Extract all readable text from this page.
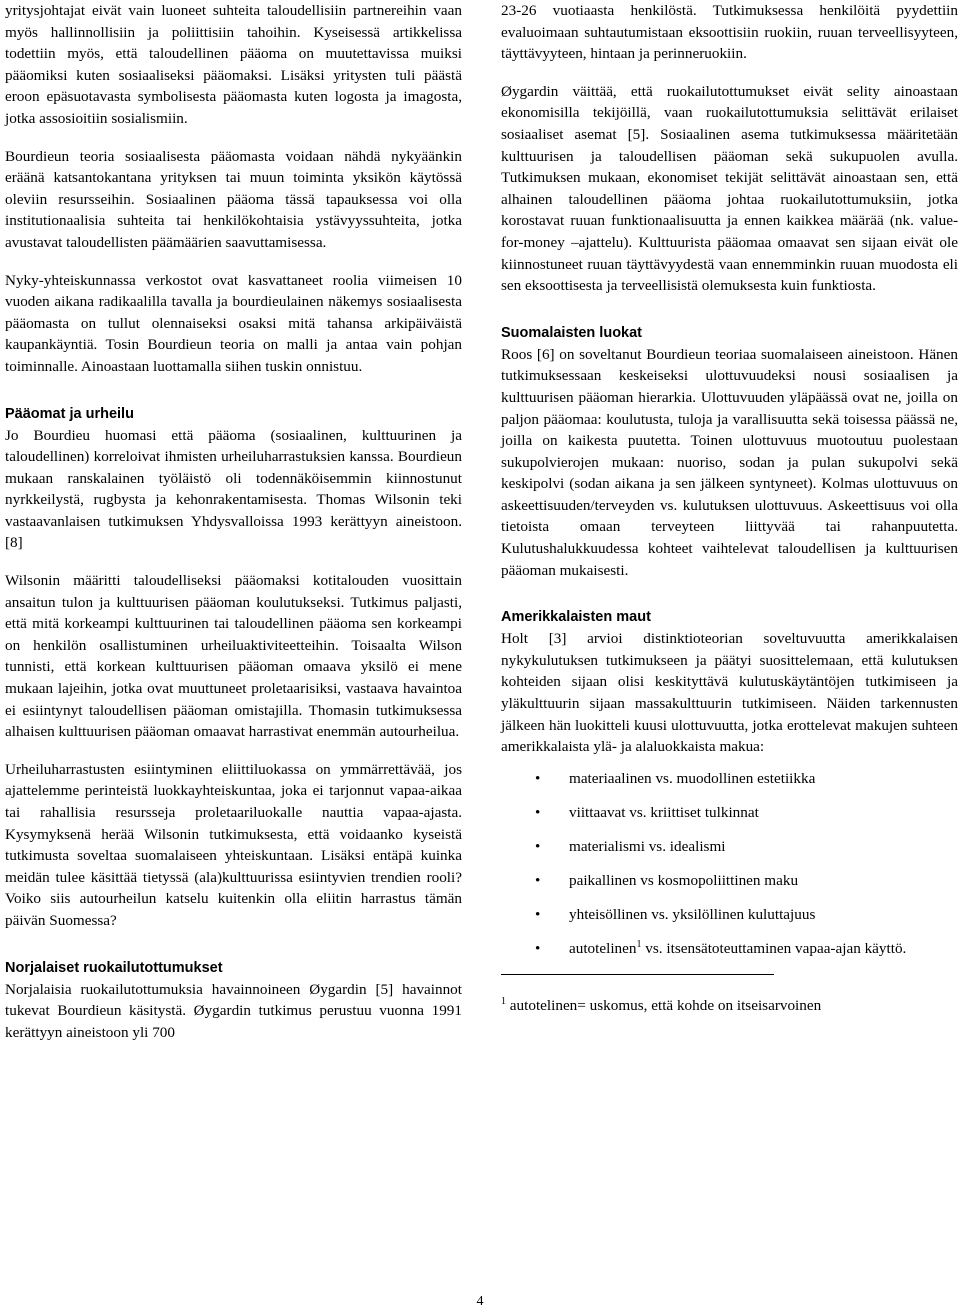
yritysjohtajat eivät vain luoneet suhteita taloudellisiin partnereihin vaan myös hallinnollisiin ja poliittisiin tahoihin. Kyseisessä artikkelissa todettiin myös, että taloudellinen pääoma on muutettavissa muiksi pääomiksi kuten sosiaaliseksi pääomaksi. Lisäksi yritysten tuli päästä eroon epäsuotavasta symbolisesta pääomasta kuten logosta ja imagosta, jotka assosioitiin sosialismiin.

Bourdieun teoria sosiaalisesta pääomasta voidaan nähdä nykyäänkin eräänä katsantokantana yrityksen tai muun toiminta yksikön käytössä oleviin resursseihin. Sosiaalinen pääoma tässä tapauksessa voi olla institutionaalisia suhteita tai henkilökohtaisia ystävyyssuhteita, jotka avustavat taloudellisten päämäärien saavuttamisessa.

Nyky-yhteiskunnassa verkostot ovat kasvattaneet roolia viimeisen 10 vuoden aikana radikaalilla tavalla ja bourdieulainen näkemys sosiaalisesta pääomasta on tullut olennaiseksi osaksi mitä tahansa arkipäiväistä kaupankäyntiä. Tosin Bourdieun teoria on malli ja antaa vain pohjan toiminnalle. Ainoastaan luottamalla siihen tuskin onnistuu.

Pääomat ja urheilu

Jo Bourdieu huomasi että pääoma (sosiaalinen, kulttuurinen ja taloudellinen) korreloivat ihmisten urheiluharrastuksien kanssa. Bourdieun mukaan ranskalainen työläistö oli todennäköisemmin kiinnostunut nyrkkeilystä, rugbysta ja kehonrakentamisesta. Thomas Wilsonin teki vastaavanlaisen tutkimuksen Yhdysvalloissa 1993 kerättyyn aineistoon. [8]

Wilsonin määritti taloudelliseksi pääomaksi kotitalouden vuosittain ansaitun tulon ja kulttuurisen pääoman koulutukseksi. Tutkimus paljasti, että mitä korkeampi kulttuurinen tai taloudellinen pääoma sen korkeampi on henkilön osallistuminen urheiluaktiviteetteihin. Toisaalta Wilson tunnisti, että korkean kulttuurisen pääoman omaava yksilö ei mene mukaan lajeihin, jotka ovat muuttuneet proletaarisiksi, vastaava havaintoa ei esiintynyt taloudellisen pääoman omistajilla. Thomasin tutkimuksessa alhaisen kulttuurisen pääoman omaavat harrastivat enemmän autourheilua.

Urheiluharrastusten esiintyminen eliittiluokassa on ymmärrettävää, jos ajattelemme perinteistä luokkayhteiskuntaa, joka ei tarjonnut vapaa-aikaa tai rahallisia resursseja proletaariluokalle nauttia vapaa-ajasta. Kysymyksenä herää Wilsonin tutkimuksesta, että voidaanko kyseistä tutkimusta soveltaa suomalaiseen yhteiskuntaan. Lisäksi entäpä kuinka meidän tulee käsittää tietyssä (ala)kulttuurissa esiintyvien trendien rooli? Voiko siis autourheilun katselu kuitenkin olla eliitin harrastus tämän päivän Suomessa?

Norjalaiset ruokailutottumukset

Norjalaisia ruokailutottumuksia havainnoineen Øygardin [5] havainnot tukevat Bourdieun käsitystä. Øygardin tutkimus perustuu vuonna 1991 kerättyyn aineistoon yli 700

23-26 vuotiaasta henkilöstä. Tutkimuksessa henkilöitä pyydettiin evaluoimaan suhtautumistaan eksoottisiin ruokiin, ruuan terveellisyyteen, täyttävyyteen, hintaan ja perinneruokiin.

Øygardin väittää, että ruokailutottumukset eivät selity ainoastaan ekonomisilla tekijöillä, vaan ruokailutottumuksia selittävät erilaiset sosiaaliset asemat [5]. Sosiaalinen asema tutkimuksessa määritetään kulttuurisen ja taloudellisen pääoman sekä sukupuolen avulla. Tutkimuksen mukaan, ekonomiset tekijät selittävät ainoastaan sen, että alhainen taloudellinen pääoma johtaa ruokailutottumuksiin, jotka korostavat ruuan funktionaalisuutta ja ennen kaikkea määrää (nk. value-for-money –ajattelu). Kulttuurista pääomaa omaavat sen sijaan eivät ole kiinnostuneet ruuan täyttävyydestä vaan ennemminkin ruuan muodosta eli sen eksoottisesta ja terveellisistä olemuksesta kuin funktiosta.

Suomalaisten luokat

Roos [6] on soveltanut Bourdieun teoriaa suomalaiseen aineistoon. Hänen tutkimuksessaan keskeiseksi ulottuvuudeksi nousi sosiaalisen ja kulttuurisen pääoman hierarkia. Ulottuvuuden yläpäässä ovat ne, joilla on paljon pääomaa: koulutusta, tuloja ja varallisuutta sekä toisessa päässä ne, joilla on kaikesta puutetta. Toinen ulottuvuus muotoutuu puolestaan sukupolvierojen mukaan: nuoriso, sodan ja pulan sukupolvi sekä keskipolvi (sodan aikana ja sen jälkeen syntyneet). Kolmas ulottuvuus on askeettisuuden/terveyden vs. kulutuksen ulottuvuus. Askeettisuus voi olla tietoista omaan terveyteen liittyvää tai rahanpuutetta. Kulutushalukkuudessa kohteet vaihtelevat taloudellisen ja kulttuurisen pääoman mukaisesti.

Amerikkalaisten maut

Holt [3] arvioi distinktioteorian soveltuvuutta amerikkalaisen nykykulutuksen tutkimukseen ja päätyi suosittelemaan, että kulutuksen kohteiden sijaan olisi keskityttävä kulutuskäytäntöjen tutkimiseen ja yläkulttuurin sijaan massakulttuurin tutkimiseen. Näiden tarkennusten jälkeen hän luokitteli kuusi ulottuvuutta, jotka erottelevat makujen suhteen amerikkalaista ylä- ja alaluokkaista makua:

• materiaalinen vs. muodollinen estetiikka
• viittaavat vs. kriittiset tulkinnat
• materialismi vs. idealismi
• paikallinen vs kosmopoliittinen maku
• yhteisöllinen vs. yksilöllinen kuluttajuus
• autotelinen$^1$ vs. itsensätoteuttaminen vapaa-ajan käyttö.

$^1$ autotelinen= uskomus, että kohde on itseisarvoinen

4
